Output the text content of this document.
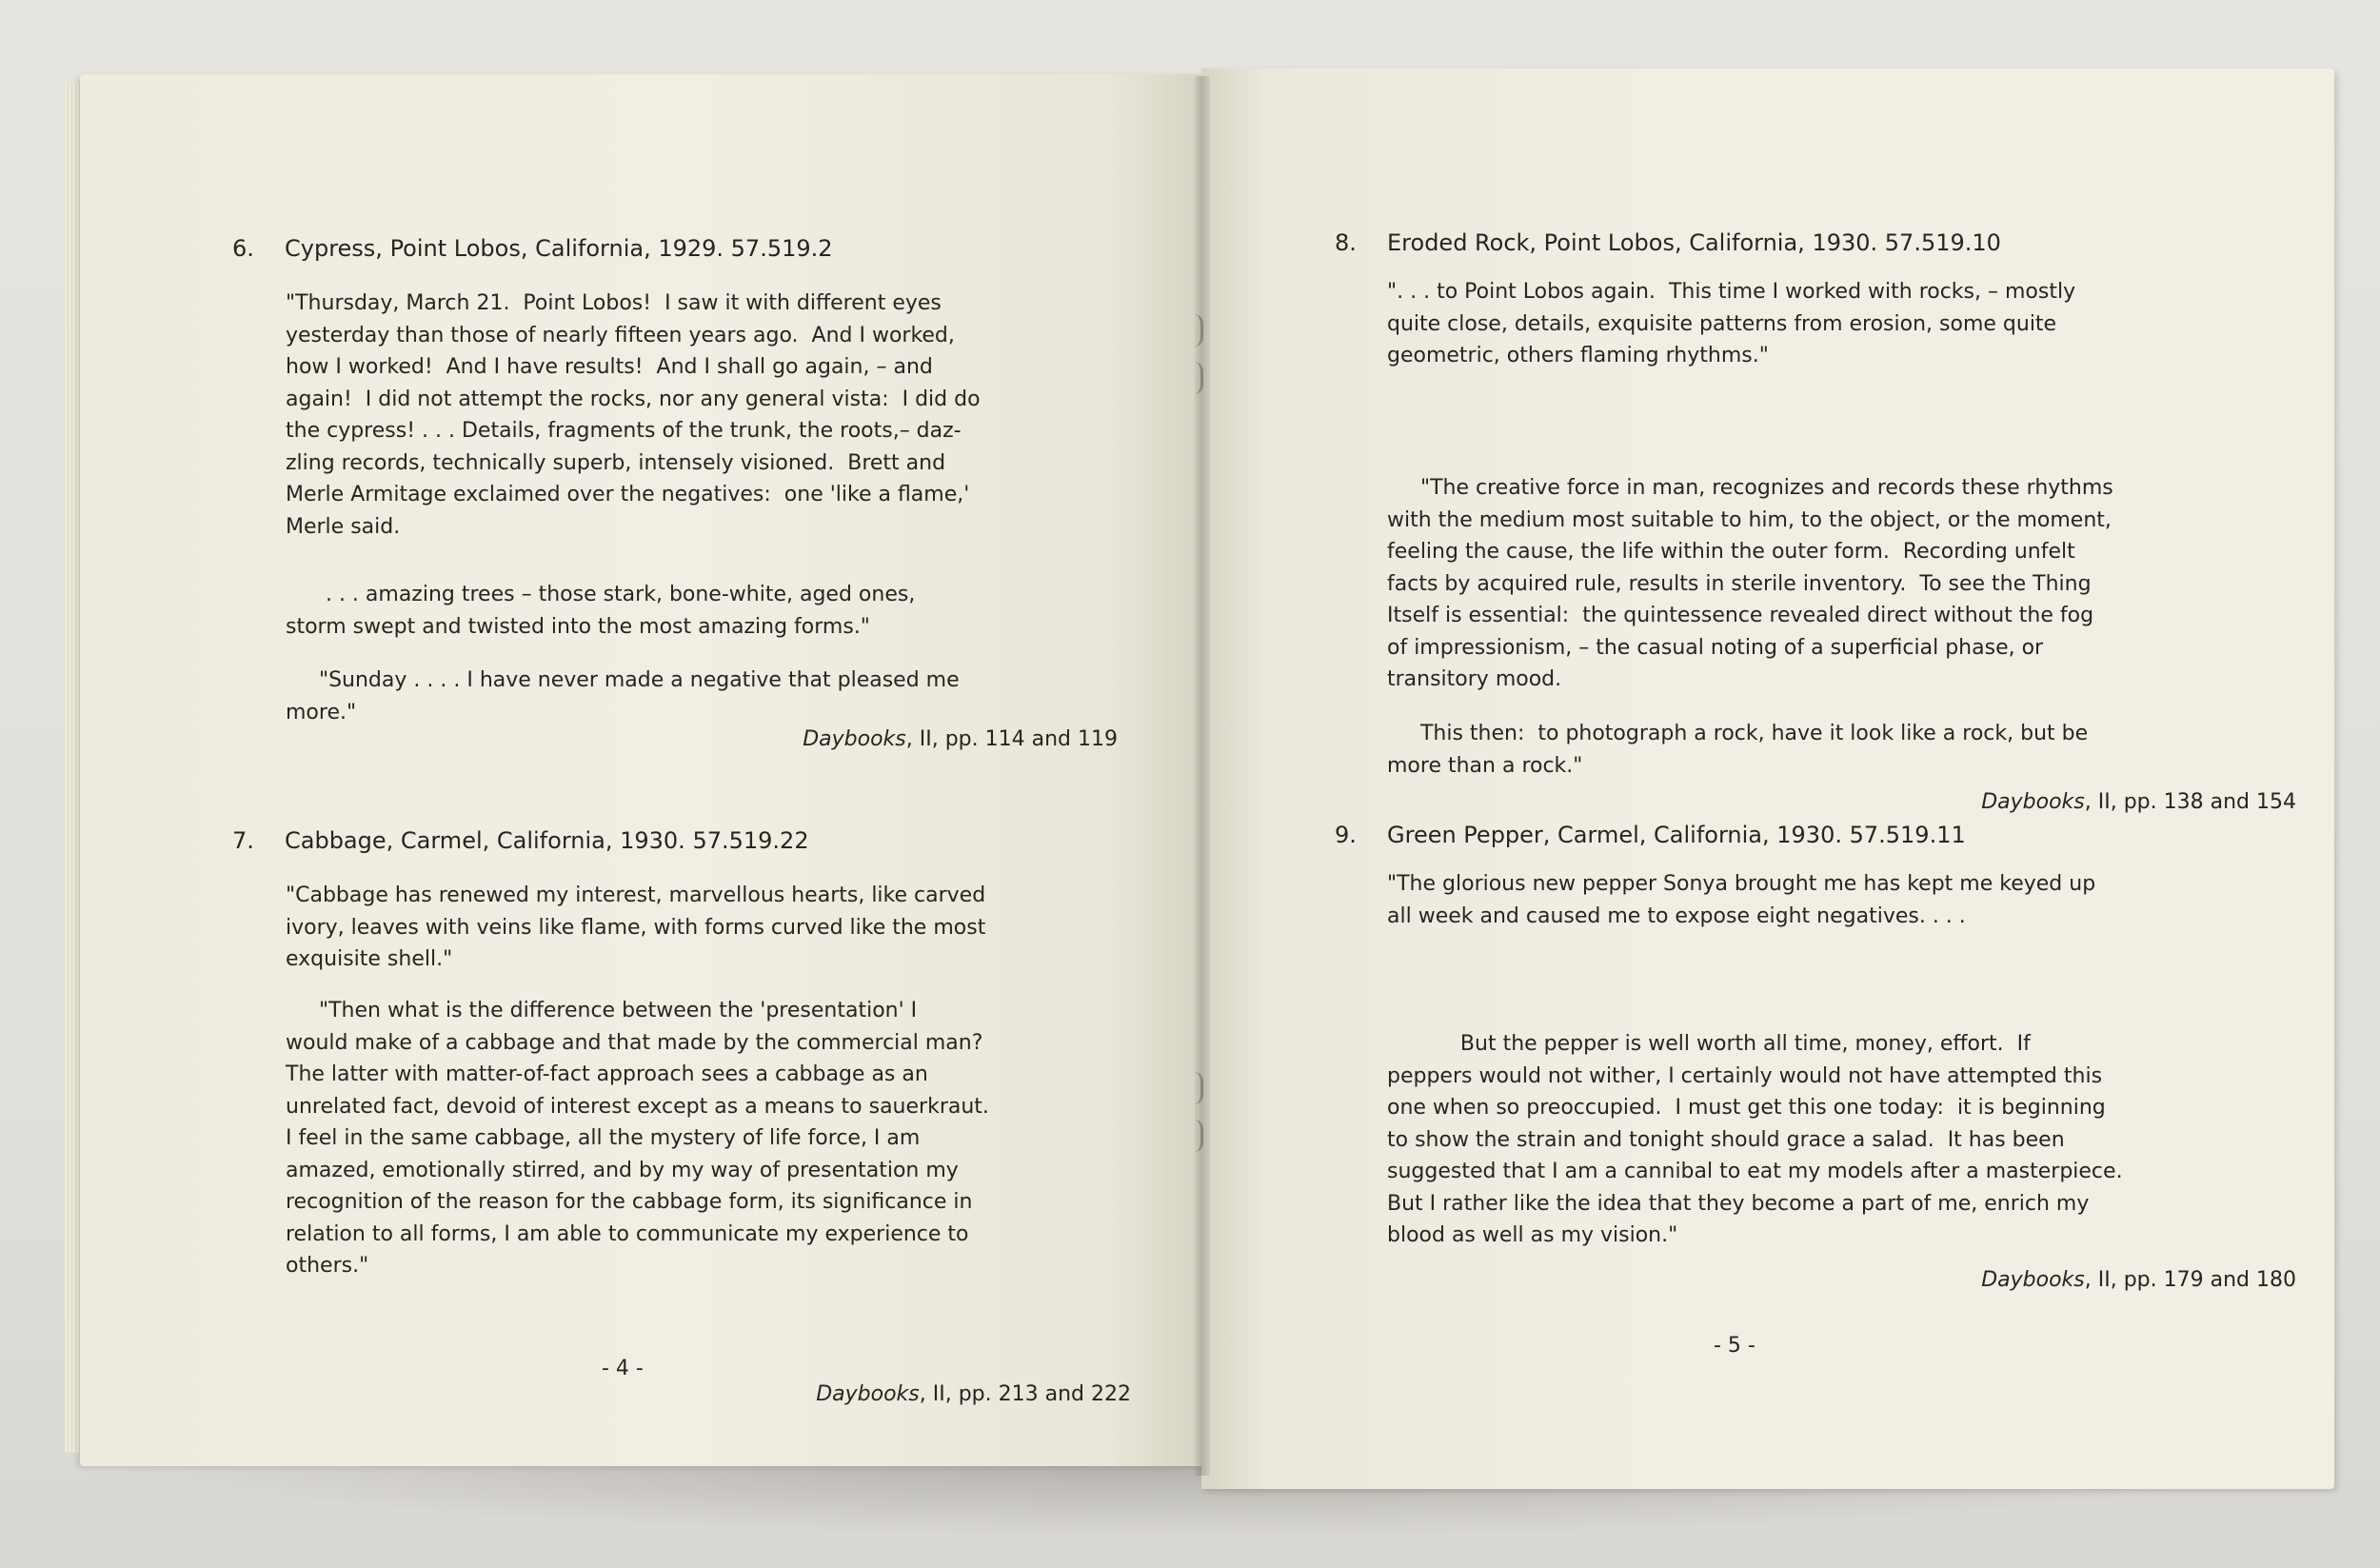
6. Cypress, Point Lobos, California, 1929. 57.519.2
"Thursday, March 21.  Point Lobos!  I saw it with different eyes
yesterday than those of nearly fifteen years ago.  And I worked,
how I worked!  And I have results!  And I shall go again, – and
again!  I did not attempt the rocks, nor any general vista:  I did do
the cypress! . . . Details, fragments of the trunk, the roots,– daz-
zling records, technically superb, intensely visioned.  Brett and
Merle Armitage exclaimed over the negatives:  one 'like a flame,'
Merle said.
. . . amazing trees – those stark, bone-white, aged ones,
storm swept and twisted into the most amazing forms."
"Sunday . . . . I have never made a negative that pleased me
more."
Daybooks, II, pp. 114 and 119
7. Cabbage, Carmel, California, 1930. 57.519.22
"Cabbage has renewed my interest, marvellous hearts, like carved
ivory, leaves with veins like flame, with forms curved like the most
exquisite shell."
"Then what is the difference between the 'presentation' I
would make of a cabbage and that made by the commercial man?
The latter with matter-of-fact approach sees a cabbage as an
unrelated fact, devoid of interest except as a means to sauerkraut.
I feel in the same cabbage, all the mystery of life force, I am
amazed, emotionally stirred, and by my way of presentation my
recognition of the reason for the cabbage form, its significance in
relation to all forms, I am able to communicate my experience to
others."
Daybooks, II, pp. 213 and 222
- 4 -
8. Eroded Rock, Point Lobos, California, 1930. 57.519.10
". . . to Point Lobos again.  This time I worked with rocks, – mostly
quite close, details, exquisite patterns from erosion, some quite
geometric, others flaming rhythms."
"The creative force in man, recognizes and records these rhythms
with the medium most suitable to him, to the object, or the moment,
feeling the cause, the life within the outer form.  Recording unfelt
facts by acquired rule, results in sterile inventory.  To see the Thing
Itself is essential:  the quintessence revealed direct without the fog
of impressionism, – the casual noting of a superficial phase, or
transitory mood.
This then:  to photograph a rock, have it look like a rock, but be
more than a rock."
Daybooks, II, pp. 138 and 154
9. Green Pepper, Carmel, California, 1930. 57.519.11
"The glorious new pepper Sonya brought me has kept me keyed up
all week and caused me to expose eight negatives. . . .
But the pepper is well worth all time, money, effort.  If
peppers would not wither, I certainly would not have attempted this
one when so preoccupied.  I must get this one today:  it is beginning
to show the strain and tonight should grace a salad.  It has been
suggested that I am a cannibal to eat my models after a masterpiece.
But I rather like the idea that they become a part of me, enrich my
blood as well as my vision."
Daybooks, II, pp. 179 and 180
- 5 -
